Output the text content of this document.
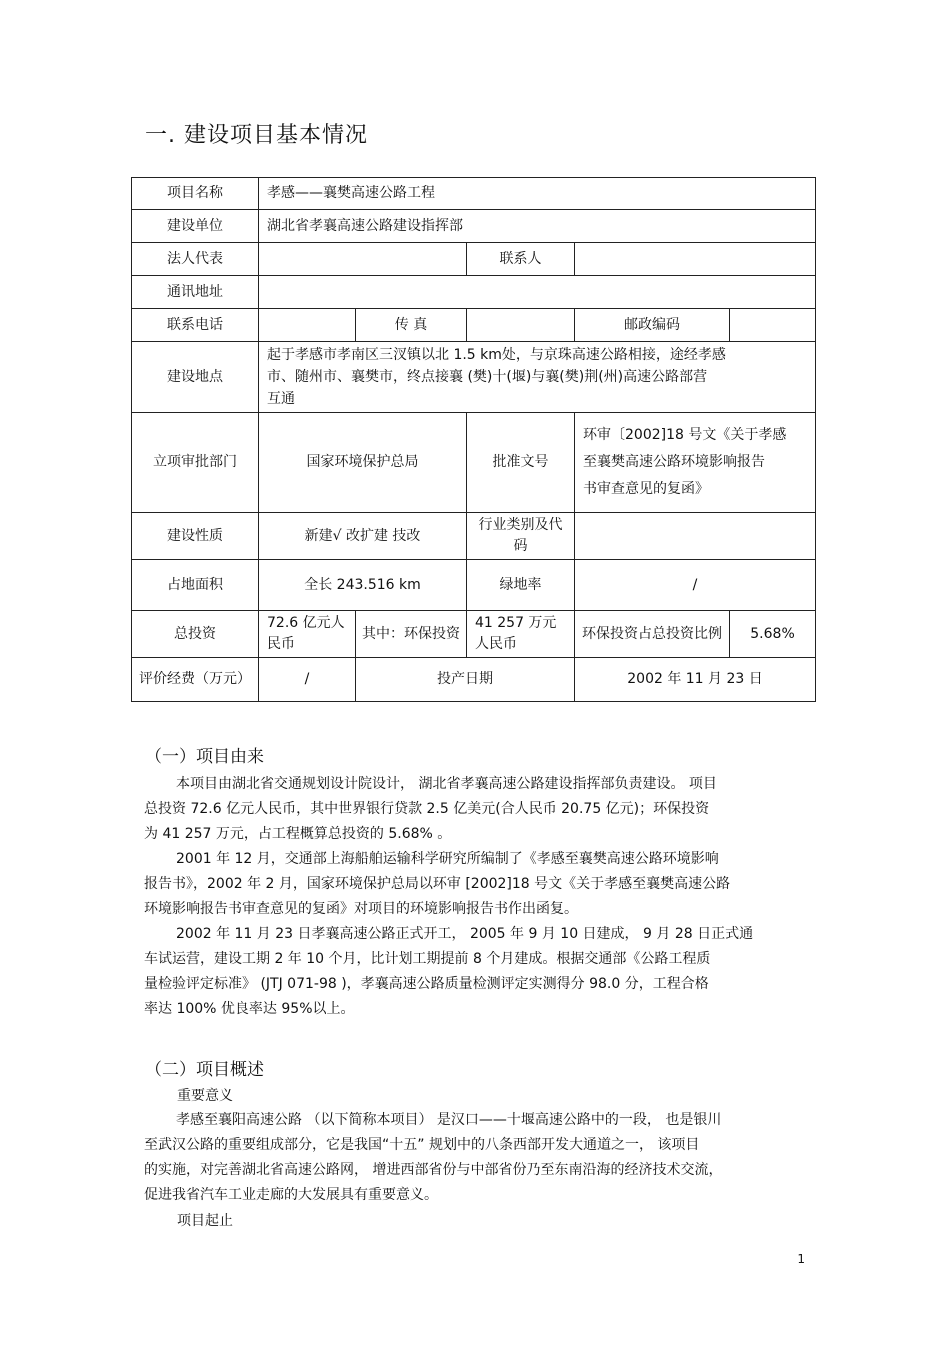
一. 建设项目基本情况
项目名称	孝感——襄樊高速公路工程				
建设单位	湖北省孝襄高速公路建设指挥部				
法人代表			联系人		
通讯地址					
联系电话		传 真		邮政编码	
建设地点	起于孝感市孝南区三汊镇以北 1.5 km处，与京珠高速公路相接，途经孝感
市、随州市、襄樊市，终点接襄 (樊)十(堰)与襄(樊)荆(州)高速公路部营
互通				

立项审批部门	国家环境保护总局		批准文号	环审〔2002]18 号文《关于孝感
至襄樊高速公路环境影响报告
书审查意见的复函》	

建设性质	新建√ 改扩建 技改		行业类别及代码		
占地面积	全长 243.516 km		绿地率	/	
总投资	72.6 亿元人民币	其中：环保投资	41 257 万元人民币	环保投资占总投资比例	5.68%
评价经费（万元）	/	投产日期		2002 年 11 月 23 日	
（一）项目由来
本项目由湖北省交通规划设计院设计， 湖北省孝襄高速公路建设指挥部负责建设。 项目
总投资 72.6 亿元人民币，其中世界银行贷款 2.5 亿美元(合人民币 20.75 亿元)；环保投资
为 41 257 万元，占工程概算总投资的 5.68% 。
2001 年 12 月，交通部上海船舶运输科学研究所编制了《孝感至襄樊高速公路环境影响
报告书》，2002 年 2 月，国家环境保护总局以环审 [2002]18 号文《关于孝感至襄樊高速公路
环境影响报告书审查意见的复函》对项目的环境影响报告书作出函复。
2002 年 11 月 23 日孝襄高速公路正式开工， 2005 年 9 月 10 日建成， 9 月 28 日正式通
车试运营，建设工期 2 年 10 个月，比计划工期提前 8 个月建成。根据交通部《公路工程质
量检验评定标准》 (JTJ 071-98 )，孝襄高速公路质量检测评定实测得分 98.0 分，工程合格
率达 100% 优良率达 95%以上。
（二）项目概述
重要意义
孝感至襄阳高速公路 （以下简称本项目） 是汉口——十堰高速公路中的一段， 也是银川
至武汉公路的重要组成部分，它是我国“十五” 规划中的八条西部开发大通道之一， 该项目
的实施，对完善湖北省高速公路网， 增进西部省份与中部省份乃至东南沿海的经济技术交流，
促进我省汽车工业走廊的大发展具有重要意义。
项目起止
1
